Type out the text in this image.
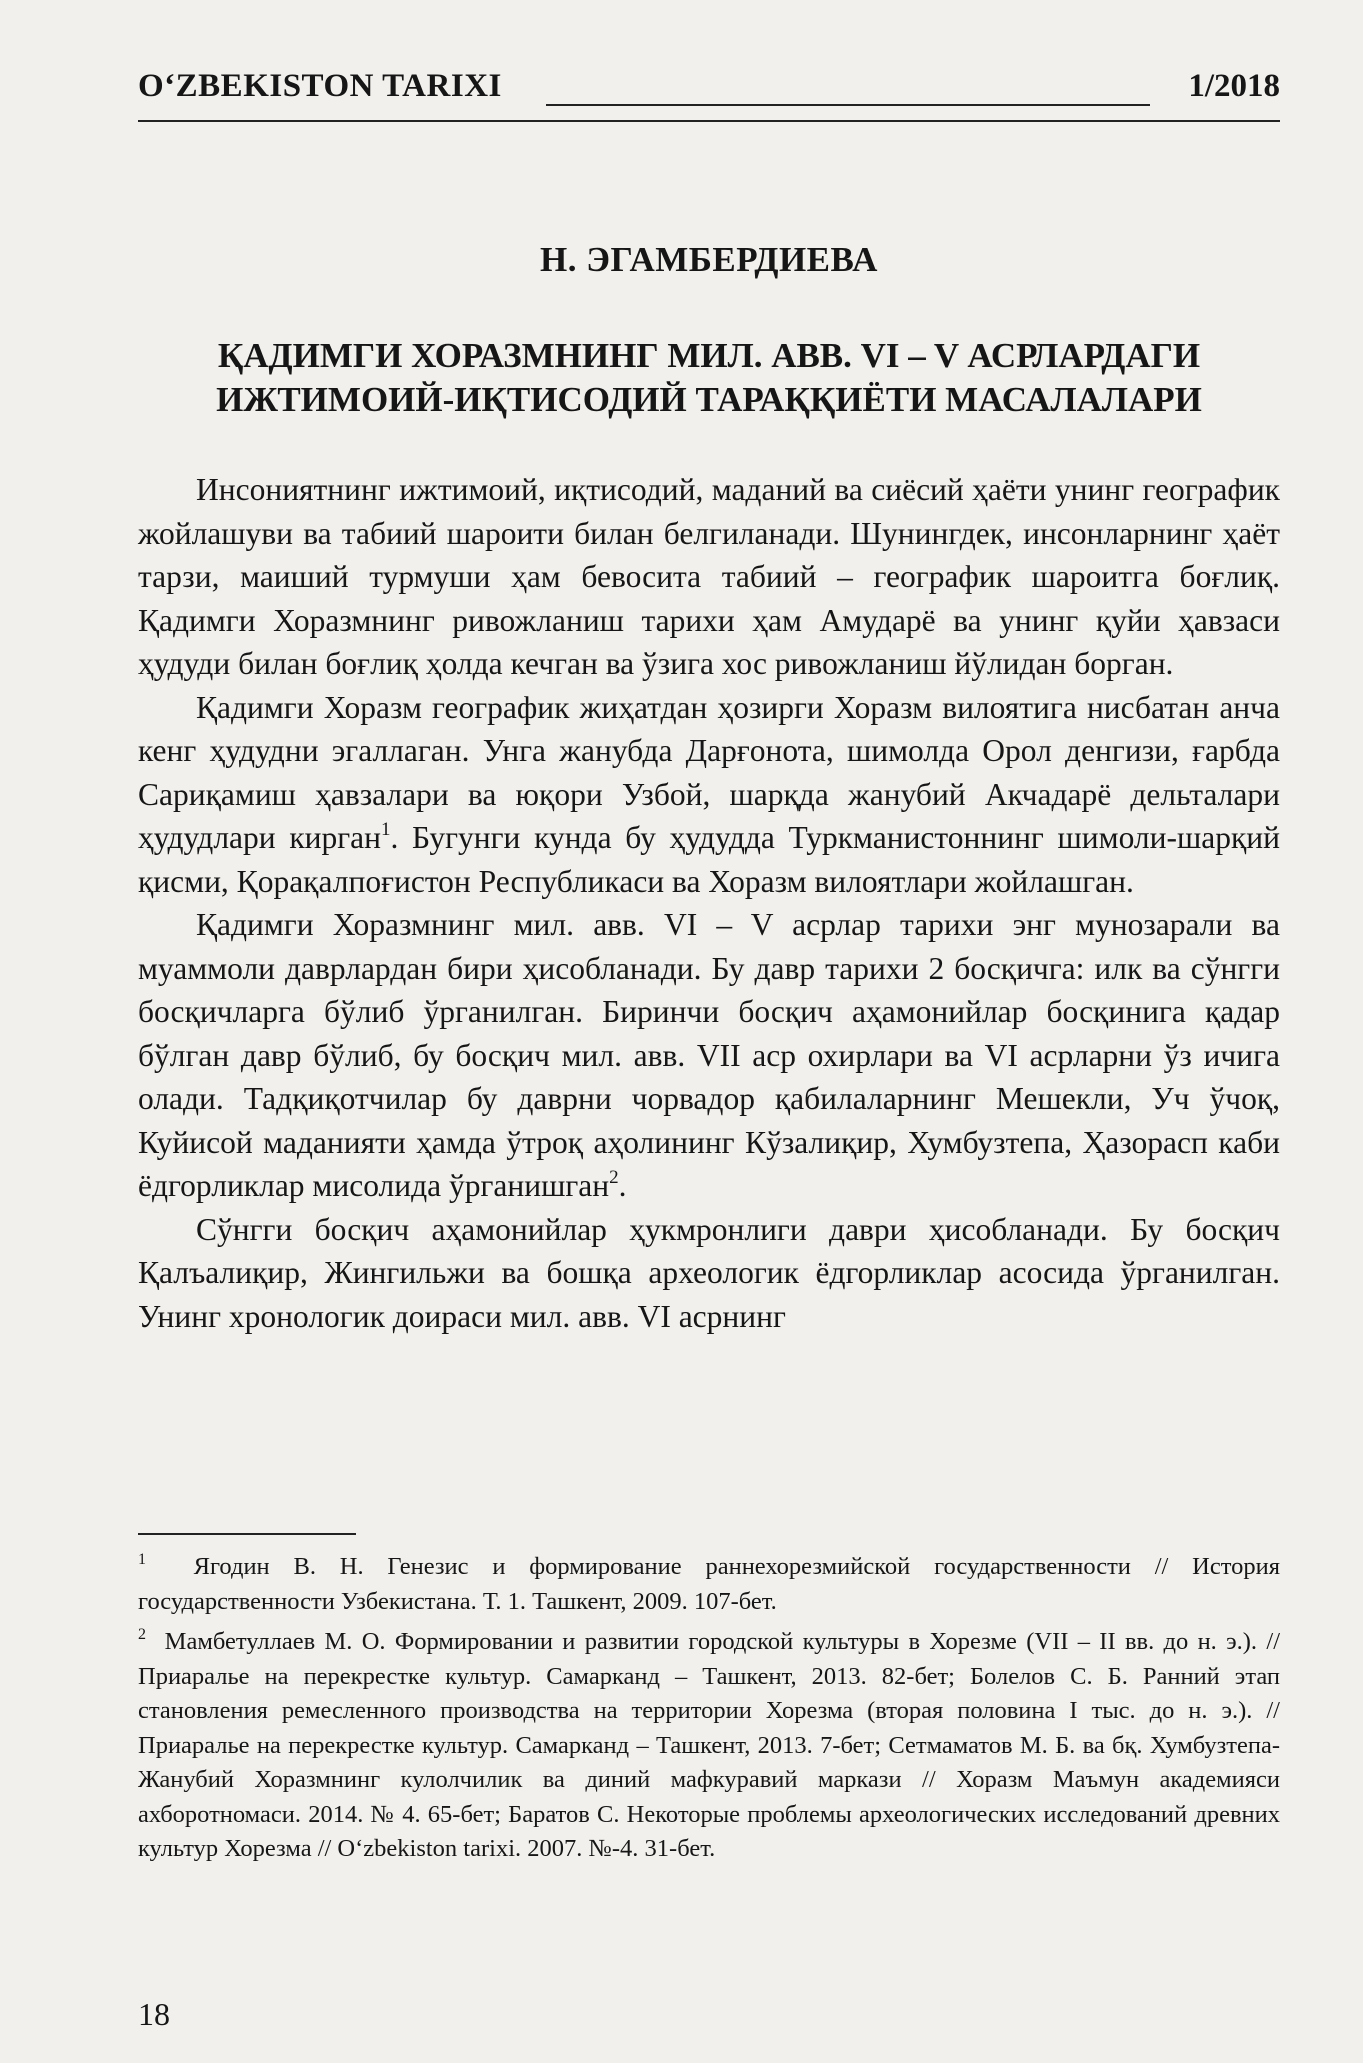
O‘ZBEKISTON TARIXI	1/2018
Н. ЭГАМБЕРДИЕВА
ҚАДИМГИ ХОРАЗМНИНГ МИЛ. АВВ. VI – V АСРЛАРДАГИ
ИЖТИМОИЙ-ИҚТИСОДИЙ ТАРАҚҚИЁТИ МАСАЛАЛАРИ

Инсониятнинг ижтимоий, иқтисодий, маданий ва сиёсий ҳаёти унинг географик жойлашуви ва табиий шароити билан белгиланади. Шунингдек, инсонларнинг ҳаёт тарзи, маиший турмуши ҳам бевосита табиий – географик шароитга боғлиқ. Қадимги Хоразмнинг ривожланиш тарихи ҳам Амударё ва унинг қуйи ҳавзаси ҳудуди билан боғлиқ ҳолда кечган ва ўзига хос ривожланиш йўлидан борган.

Қадимги Хоразм географик жиҳатдан ҳозирги Хоразм вилоятига нисбатан анча кенг ҳудудни эгаллаган. Унга жанубда Дарғонота, шимолда Орол денгизи, ғарбда Сариқамиш ҳавзалари ва юқори Узбой, шарқда жанубий Акчадарё дельталари ҳудудлари кирган$^1$. Бугунги кунда бу ҳудудда Туркманистоннинг шимоли-шарқий қисми, Қорақалпоғистон Республикаси ва Хоразм вилоятлари жойлашган.

Қадимги Хоразмнинг мил. авв. VI – V асрлар тарихи энг мунозарали ва муаммоли даврлардан бири ҳисобланади. Бу давр тарихи 2 босқичга: илк ва сўнгги босқичларга бўлиб ўрганилган. Биринчи босқич аҳамонийлар босқинига қадар бўлган давр бўлиб, бу босқич мил. авв. VII аср охирлари ва VI асрларни ўз ичига олади. Тадқиқотчилар бу даврни чорвадор қабилаларнинг Мешекли, Уч ўчоқ, Куйисой маданияти ҳамда ўтроқ аҳолининг Кўзалиқир, Хумбузтепа, Ҳазорасп каби ёдгорликлар мисолида ўрганишган$^2$.

Сўнгги босқич аҳамонийлар ҳукмронлиги даври ҳисобланади. Бу босқич Қалъалиқир, Жингильжи ва бошқа археологик ёдгорликлар асосида ўрганилган. Унинг хронологик доираси мил. авв. VI асрнинг

$^1$ Ягодин В. Н. Генезис и формирование раннехорезмийской государственности // История государственности Узбекистана. Т. 1. Ташкент, 2009. 107-бет.

$^2$ Мамбетуллаев М. О. Формировании и развитии городской культуры в Хорезме (VII – II вв. до н. э.). // Приаралье на перекрестке культур. Самарканд – Ташкент, 2013. 82-бет; Болелов С. Б. Ранний этап становления ремесленного производства на территории Хорезма (вторая половина I тыс. до н. э.). // Приаралье на перекрестке культур. Самарканд – Ташкент, 2013. 7-бет; Сетмаматов М. Б. ва бқ. Хумбузтепа-Жанубий Хоразмнинг кулолчилик ва диний мафкуравий маркази // Хоразм Маъмун академияси ахборотномаси. 2014. № 4. 65-бет; Баратов С. Некоторые проблемы археологических исследований древних культур Хорезма // O‘zbekiston tarixi. 2007. №-4. 31-бет.

18
